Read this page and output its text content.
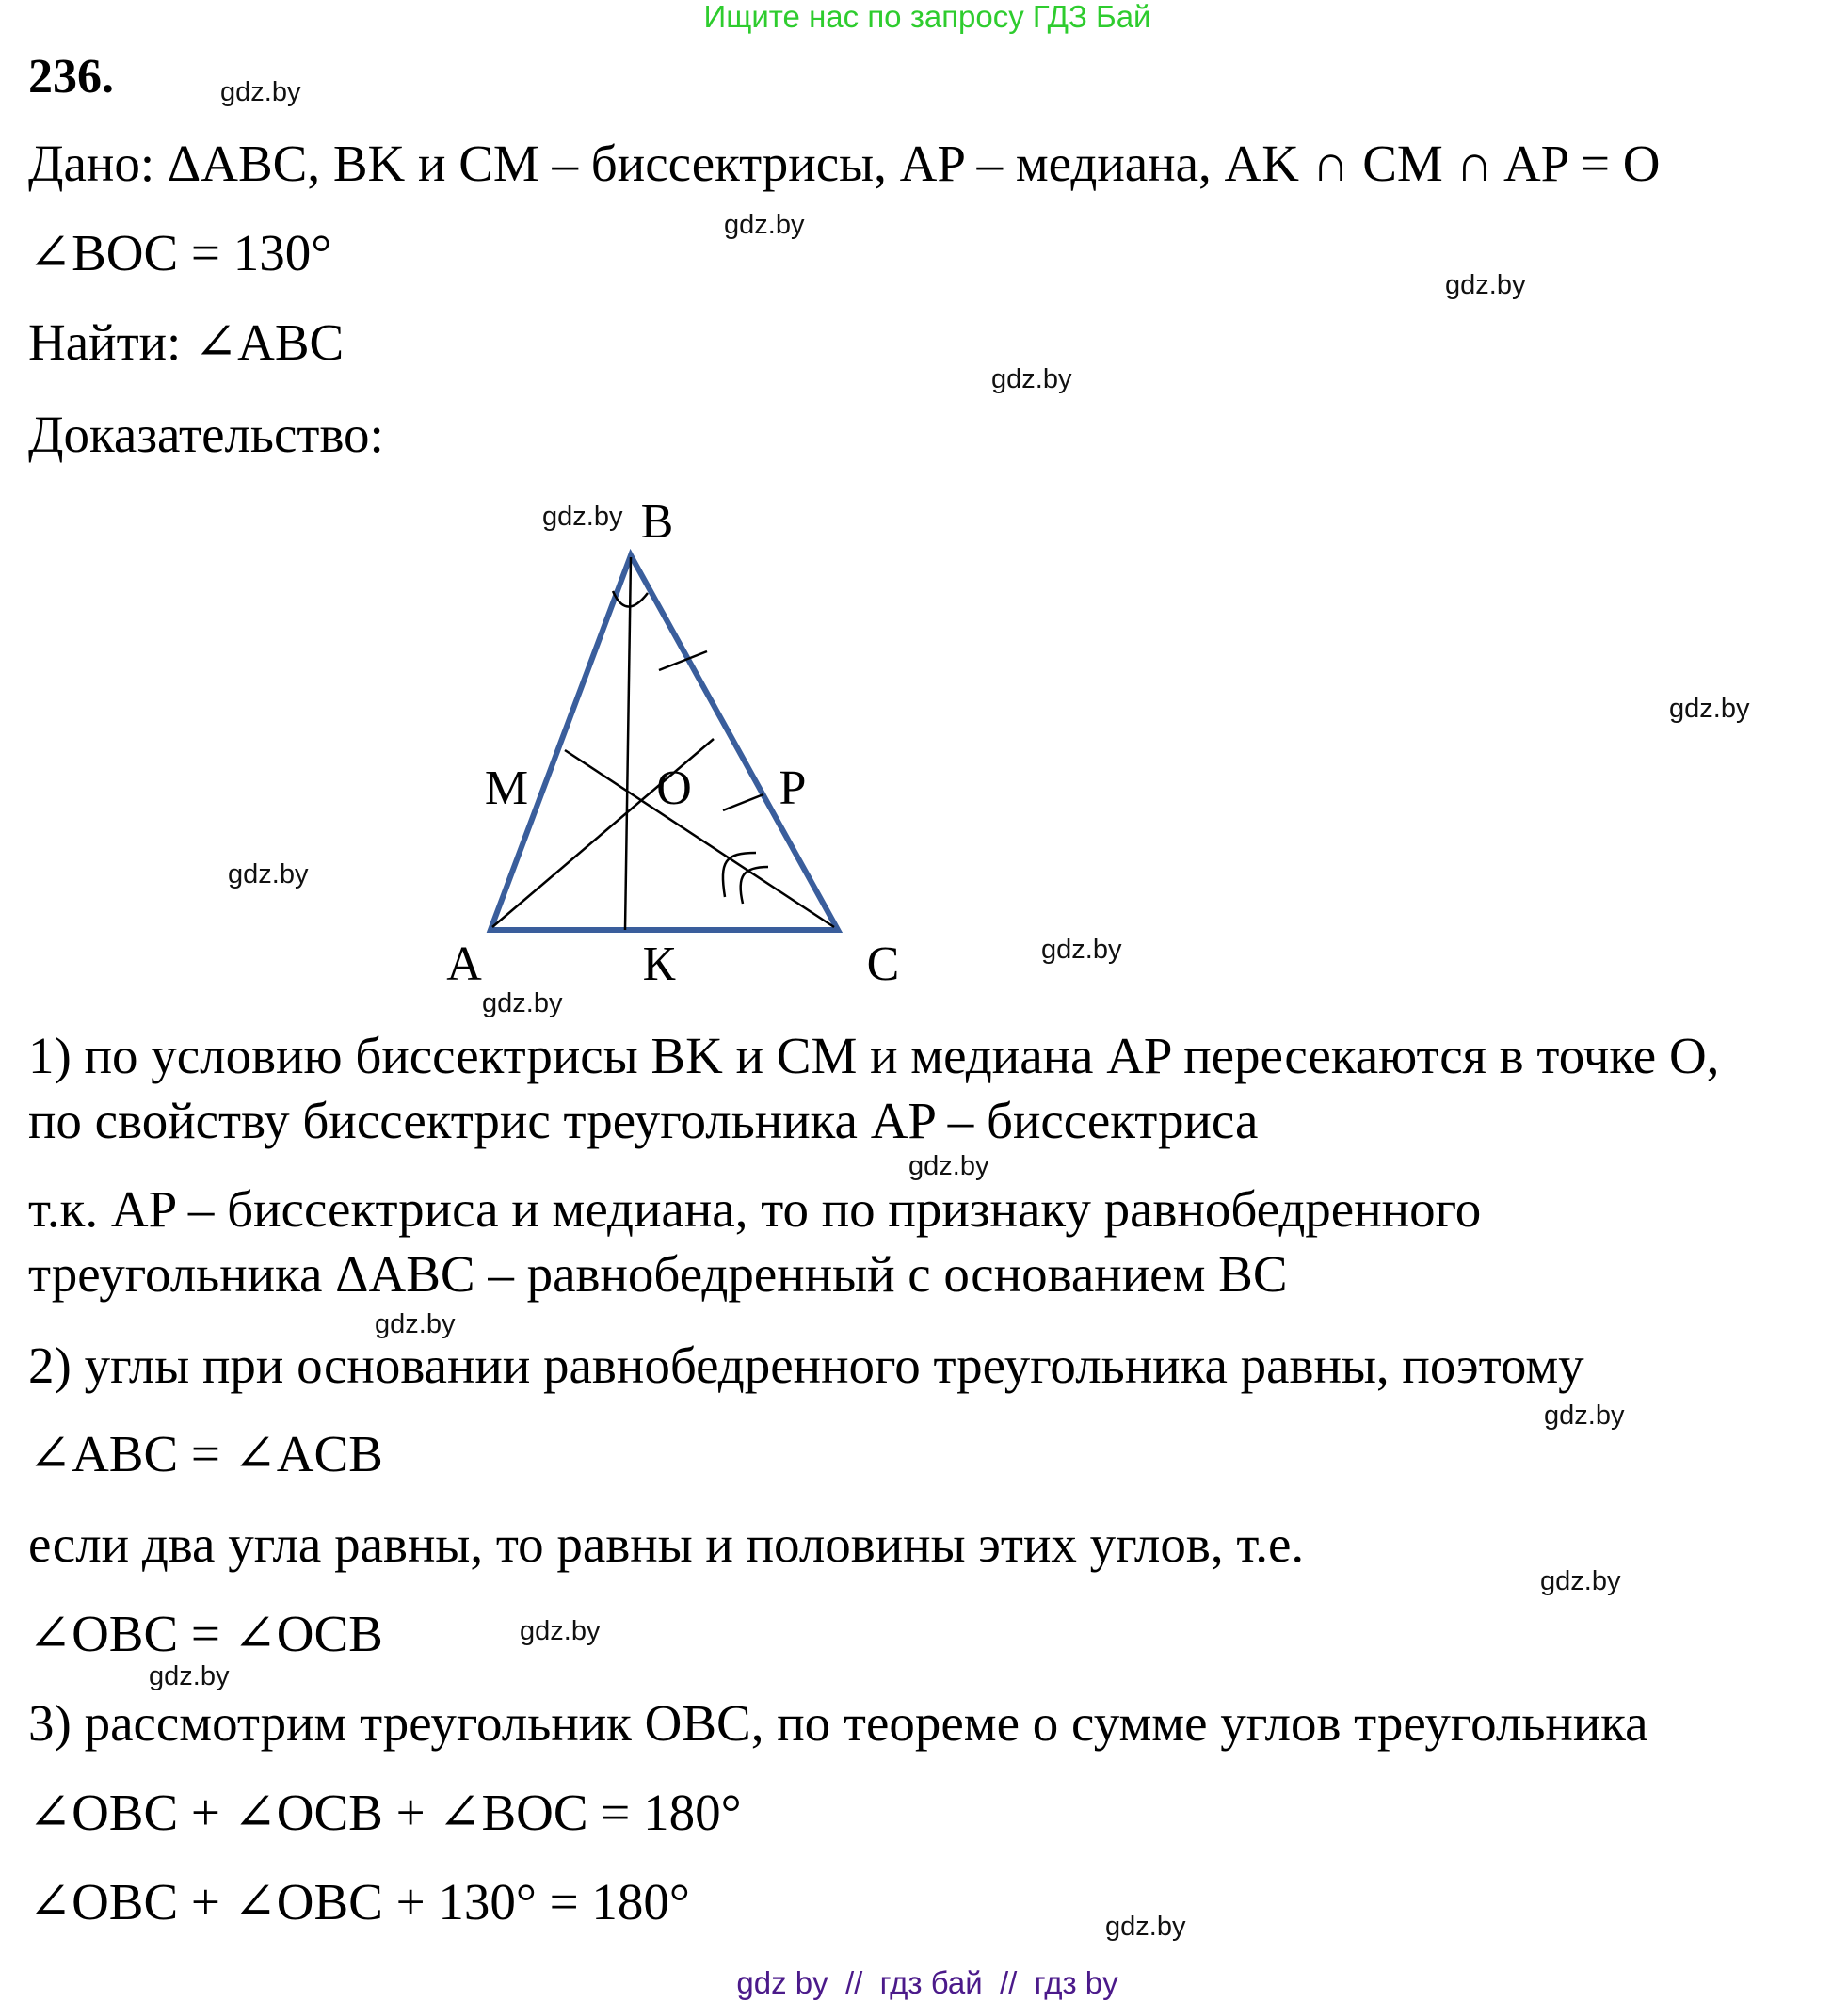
Ищите нас по запросу ГДЗ Бай
236.
Дано: ΔABC, BK и CM – биссектрисы, AP – медиана, AK ∩ CM ∩ AP = O
∠BOC = 130°
Найти: ∠ABC
Доказательство:
B
M	O P
A	К	C
1) по условию биссектрисы BK и CM и медиана AP пересекаются в точке O,
по свойству биссектрис треугольника AP – биссектриса
т.к. AP – биссектриса и медиана, то по признаку равнобедренного
треугольника ΔABC – равнобедренный с основанием BC
2) углы при основании равнобедренного треугольника равны, поэтому
∠ABC = ∠ACB
если два угла равны, то равны и половины этих углов, т.е.
∠OBC = ∠OCB
3) рассмотрим треугольник OBC, по теореме о сумме углов треугольника
∠OBC + ∠OCB + ∠BOC = 180°
∠OBC + ∠OBC + 130° = 180°
gdz.by
gdz.by
gdz.by
gdz.by
gdz.by
gdz.by
gdz.by
gdz.by
gdz.by
gdz.by
gdz.by
gdz.by
gdz.by
gdz.by
gdz.by
gdz.by
gdz by  //  гдз бай  //  гдз by
